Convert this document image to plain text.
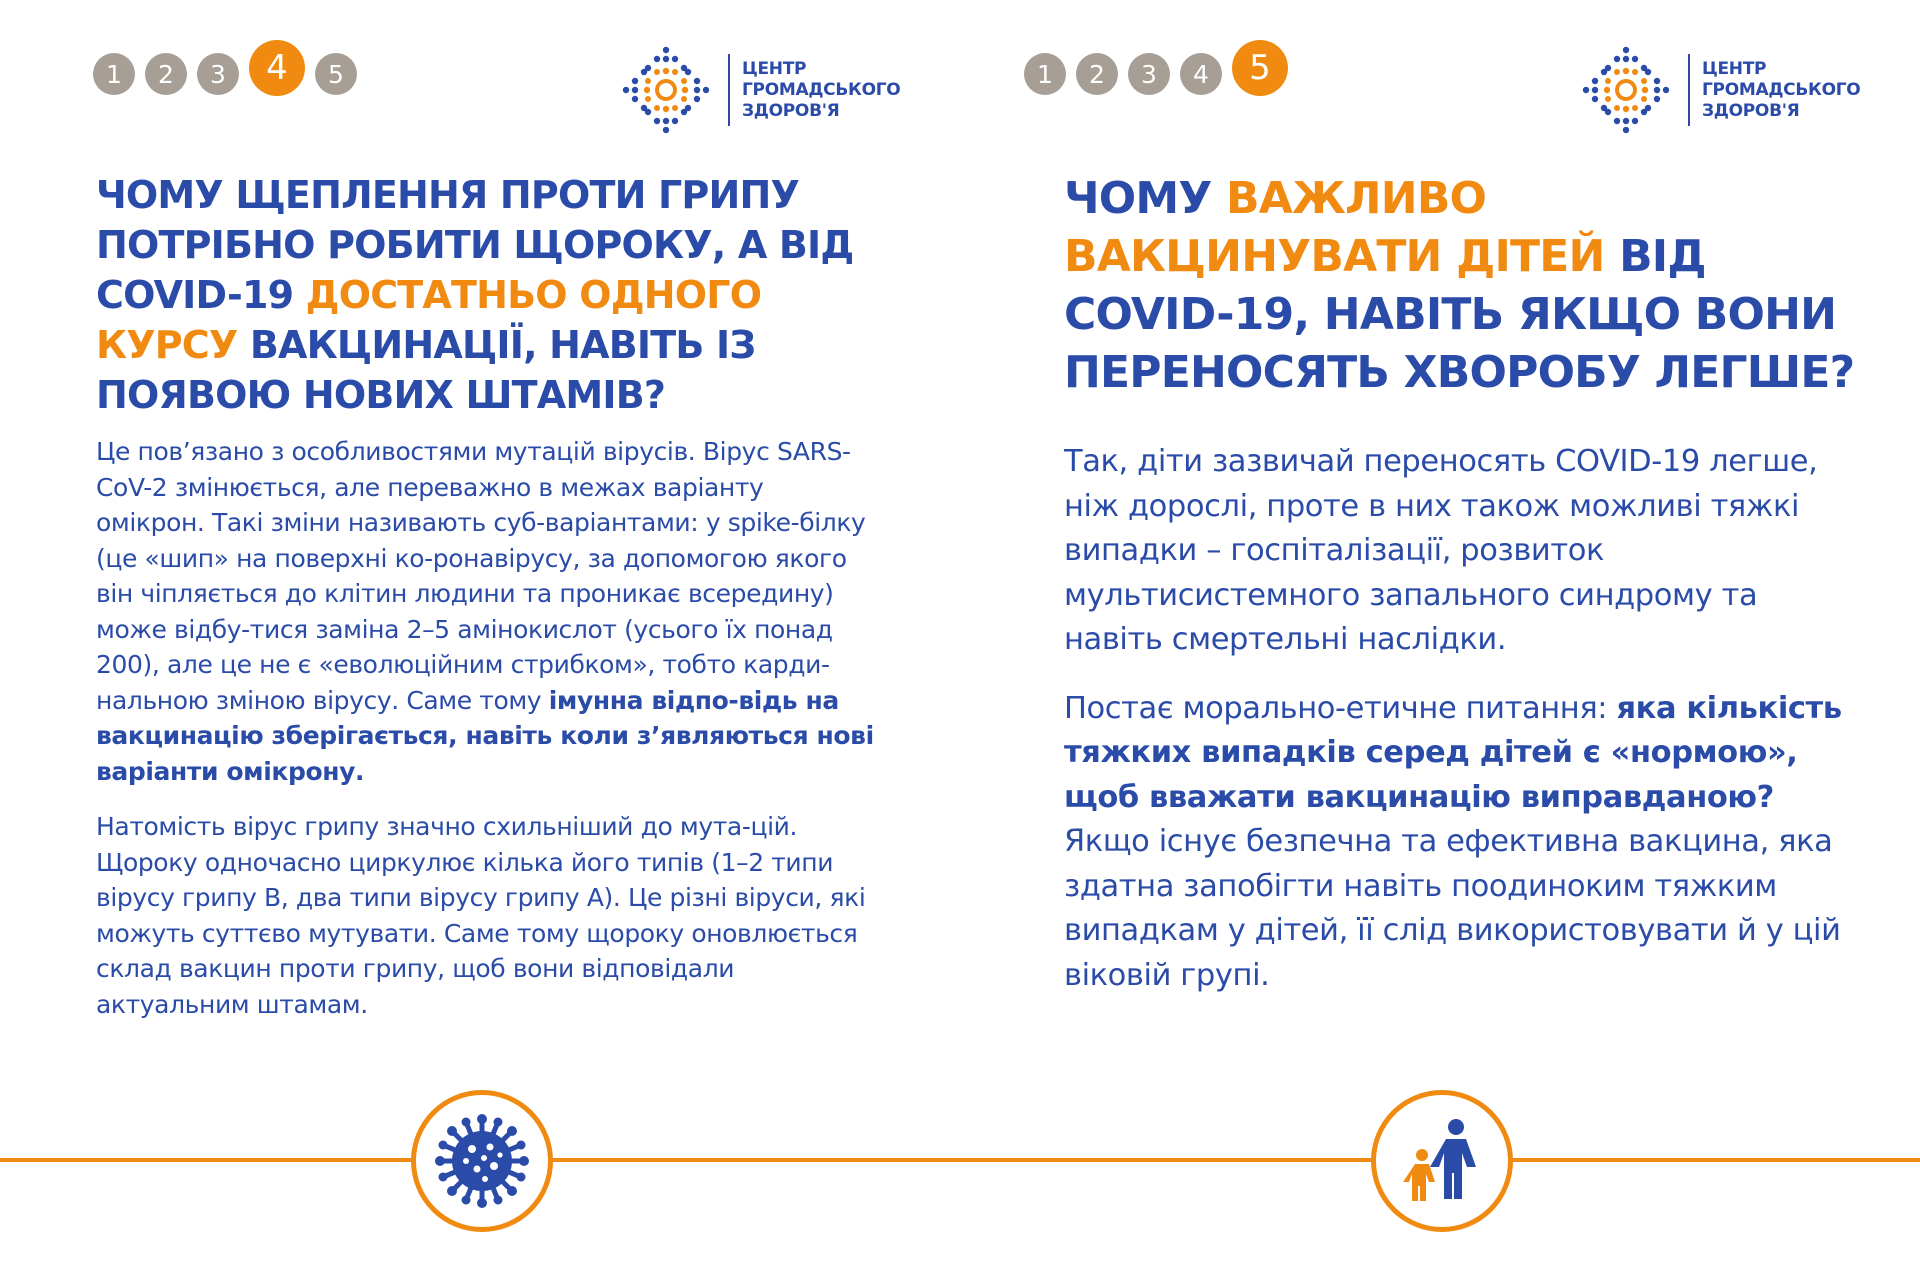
1	2	3	4	5	ЦЕНТР
ГРОМАДСЬКОГО
ЗДОРОВ'Я
ЧОМУ ЩЕПЛЕННЯ ПРОТИ ГРИПУ ПОТРІБНО РОБИТИ ЩОРОКУ, А ВІД COVID-19 ДОСТАТНЬО ОДНОГО КУРСУ ВАКЦИНАЦІЇ, НАВІТЬ ІЗ ПОЯВОЮ НОВИХ ШТАМІВ?

Це пов’язано з особливостями мутацій вірусів. Вірус SARS-CoV-2 змінюється, але переважно в межах варіанту омікрон. Такі зміни називають суб-варіантами: у spike-білку (це «шип» на поверхні ко-ронавірусу, за допомогою якого він чіпляється до клітин людини та проникає всередину) може відбу-тися заміна 2–5 амінокислот (усього їх понад 200), але це не є «еволюційним стрибком», тобто карди-нальною зміною вірусу. Саме тому імунна відпо-відь на вакцинацію зберігається, навіть коли з’являються нові варіанти омікрону.

Натомість вірус грипу значно схильніший до мута-цій. Щороку одночасно циркулює кілька його типів (1–2 типи вірусу грипу B, два типи вірусу грипу A). Це різні віруси, які можуть суттєво мутувати. Саме тому щороку оновлюється склад вакцин проти грипу, щоб вони відповідали актуальним штамам.

1	2	3	4	5	ЦЕНТР
ГРОМАДСЬКОГО
ЗДОРОВ'Я
ЧОМУ ВАЖЛИВО ВАКЦИНУВАТИ ДІТЕЙ ВІД COVID-19, НАВІТЬ ЯКЩО ВОНИ ПЕРЕНОСЯТЬ ХВОРОБУ ЛЕГШЕ?

Так, діти зазвичай переносять COVID-19 легше, ніж дорослі, проте в них також можливі тяжкі випадки – госпіталізації, розвиток мультисистемного запального синдрому та навіть смертельні наслідки.

Постає морально-етичне питання: яка кількість тяжких випадків серед дітей є «нормою», щоб вважати вакцинацію виправданою? Якщо існує безпечна та ефективна вакцина, яка здатна запобігти навіть поодиноким тяжким випадкам у дітей, її слід використовувати й у цій віковій групі.
